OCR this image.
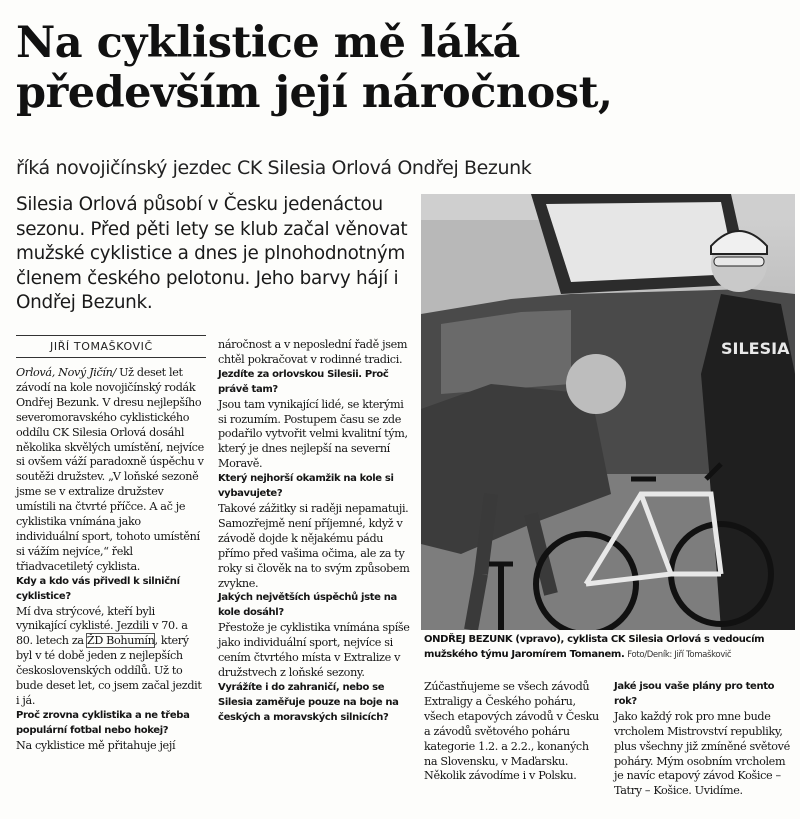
Na cyklistice mě láká
především její náročnost,
říká novojičínský jezdec CK Silesia Orlová Ondřej Bezunk
Silesia Orlová působí v Česku jedenáctou sezonu. Před pěti lety se klub začal věnovat mužské cyklistice a dnes je plnohodnotným členem českého pelotonu. Jeho barvy hájí i Ondřej Bezunk.
JIŘÍ TOMAŠKOVIČ

Orlová, Nový Jičín/ Už deset let závodí na kole novojičínský rodák Ondřej Bezunk. V dresu nejlepšího severomoravského cyklistického oddílu CK Silesia Orlová dosáhl několika skvělých umístění, nejvíce si ovšem váží paradoxně úspěchu v soutěži družstev. „V loňské sezoně jsme se v extralize družstev umístili na čtvrté příčce. A ač je cyklistika vnímána jako individuální sport, tohoto umístění si vážím nejvíce,“ řekl třiadvacetiletý cyklista.

Kdy a kdo vás přivedl k silniční cyklistice?

Mí dva strýcové, kteří byli vynikající cyklisté. Jezdili v 70. a 80. letech za ŽD Bohumín, který byl v té době jeden z nejlepších československých oddílů. Už to bude deset let, co jsem začal jezdit i já.

Proč zrovna cyklistika a ne třeba populární fotbal nebo hokej?

Na cyklistice mě přitahuje její

náročnost a v neposlední řadě jsem chtěl pokračovat v rodinné tradici.

Jezdíte za orlovskou Silesii. Proč právě tam?

Jsou tam vynikající lidé, se kterými si rozumím. Postupem času se zde podařilo vytvořit velmi kvalitní tým, který je dnes nejlepší na severní Moravě.

Který nejhorší okamžik na kole si vybavujete?

Takové zážitky si raději nepamatuji. Samozřejmě není příjemné, když v závodě dojde k nějakému pádu přímo před vašima očima, ale za ty roky si člověk na to svým způsobem zvykne.

Jakých největších úspěchů jste na kole dosáhl?

Přestože je cyklistika vnímána spíše jako individuální sport, nejvíce si cením čtvrtého místa v Extralize v družstvech z loňské sezony.

Vyrážíte i do zahraničí, nebo se Silesia zaměřuje pouze na boje na českých a moravských silnicích?

SILESIA
ONDŘEJ BEZUNK (vpravo), cyklista CK Silesia Orlová s vedoucím mužského týmu Jaromírem Tomanem. Foto/Deník: Jiří Tomaškovič

Zúčastňujeme se všech závodů Extraligy a Českého poháru, všech etapových závodů v Česku a závodů světového poháru kategorie 1.2. a 2.2., konaných na Slovensku, v Maďarsku. Několik závodíme i v Polsku.

Jaké jsou vaše plány pro tento rok?

Jako každý rok pro mne bude vrcholem Mistrovství republiky, plus všechny již zmíněné světové poháry. Mým osobním vrcholem je navíc etapový závod Košice – Tatry – Košice. Uvidíme.
